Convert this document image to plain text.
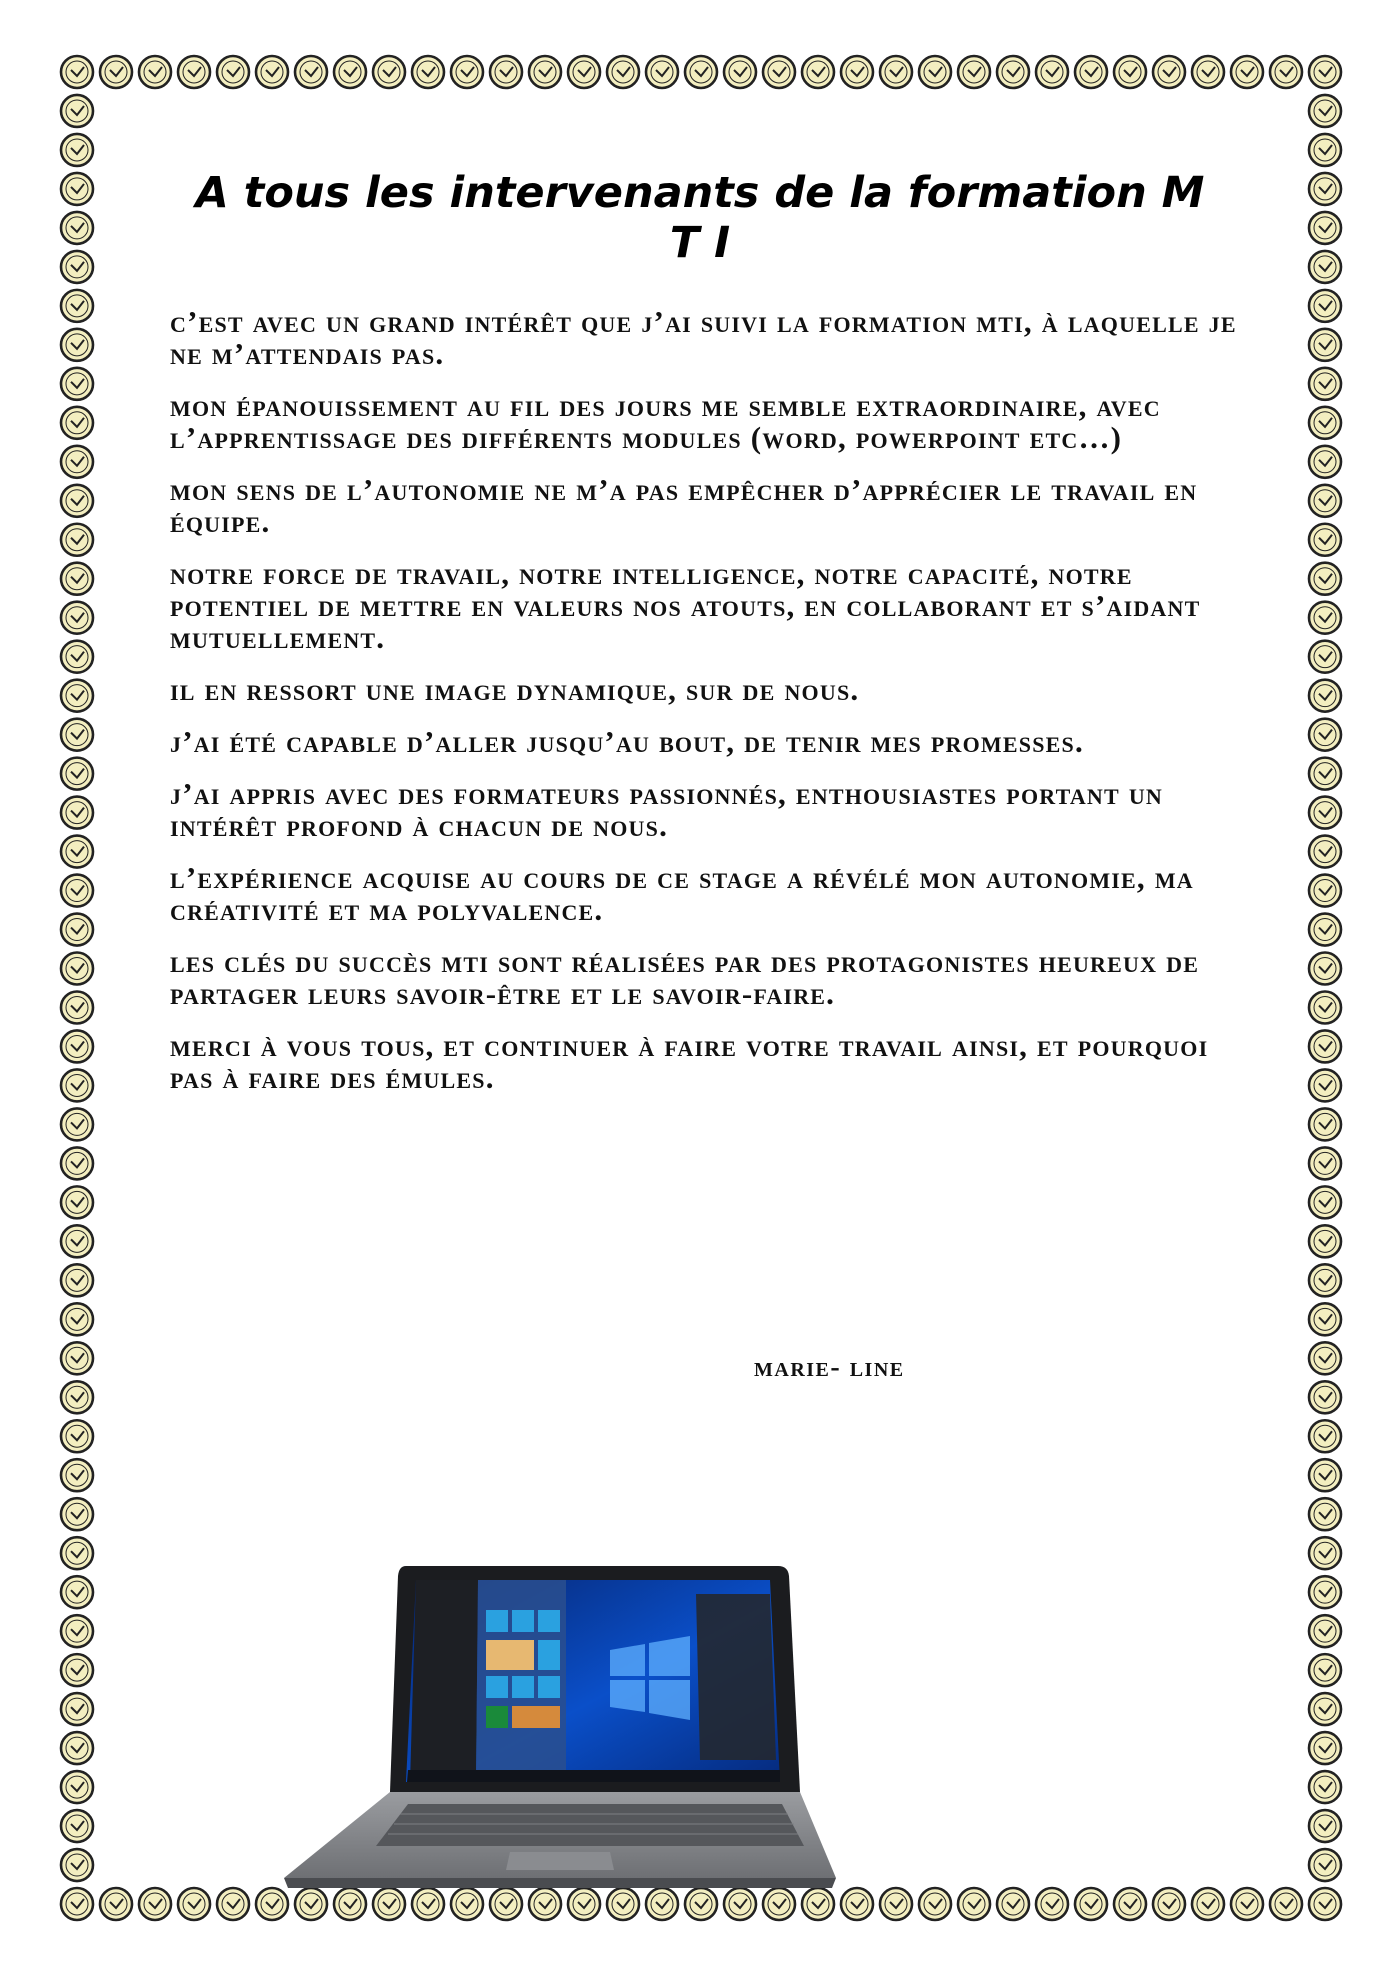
A tous les intervenants de la formation M T I

c’est avec un grand intérêt que j’ai suivi la formation mti, à laquelle je ne m’attendais pas.

mon épanouissement au fil des jours me semble extraordinaire, avec l’apprentissage des différents modules (word, powerpoint etc…)

mon sens de l’autonomie ne m’a pas empêcher d’apprécier le travail en équipe.

notre force de travail, notre intelligence, notre capacité, notre potentiel de mettre en valeurs nos atouts, en collaborant et s’aidant mutuellement.

il en ressort une image dynamique, sur de nous.

j’ai été capable d’aller jusqu’au bout, de tenir mes promesses.

j’ai appris avec des formateurs passionnés, enthousiastes portant un intérêt profond à chacun de nous.

l’expérience acquise au cours de ce stage a révélé mon autonomie, ma créativité et ma polyvalence.

les clés du succès mti sont réalisées par des protagonistes heureux de partager leurs savoir-être et le savoir-faire.

merci à vous tous, et continuer à faire votre travail ainsi, et pourquoi pas à faire des émules.

marie- line
